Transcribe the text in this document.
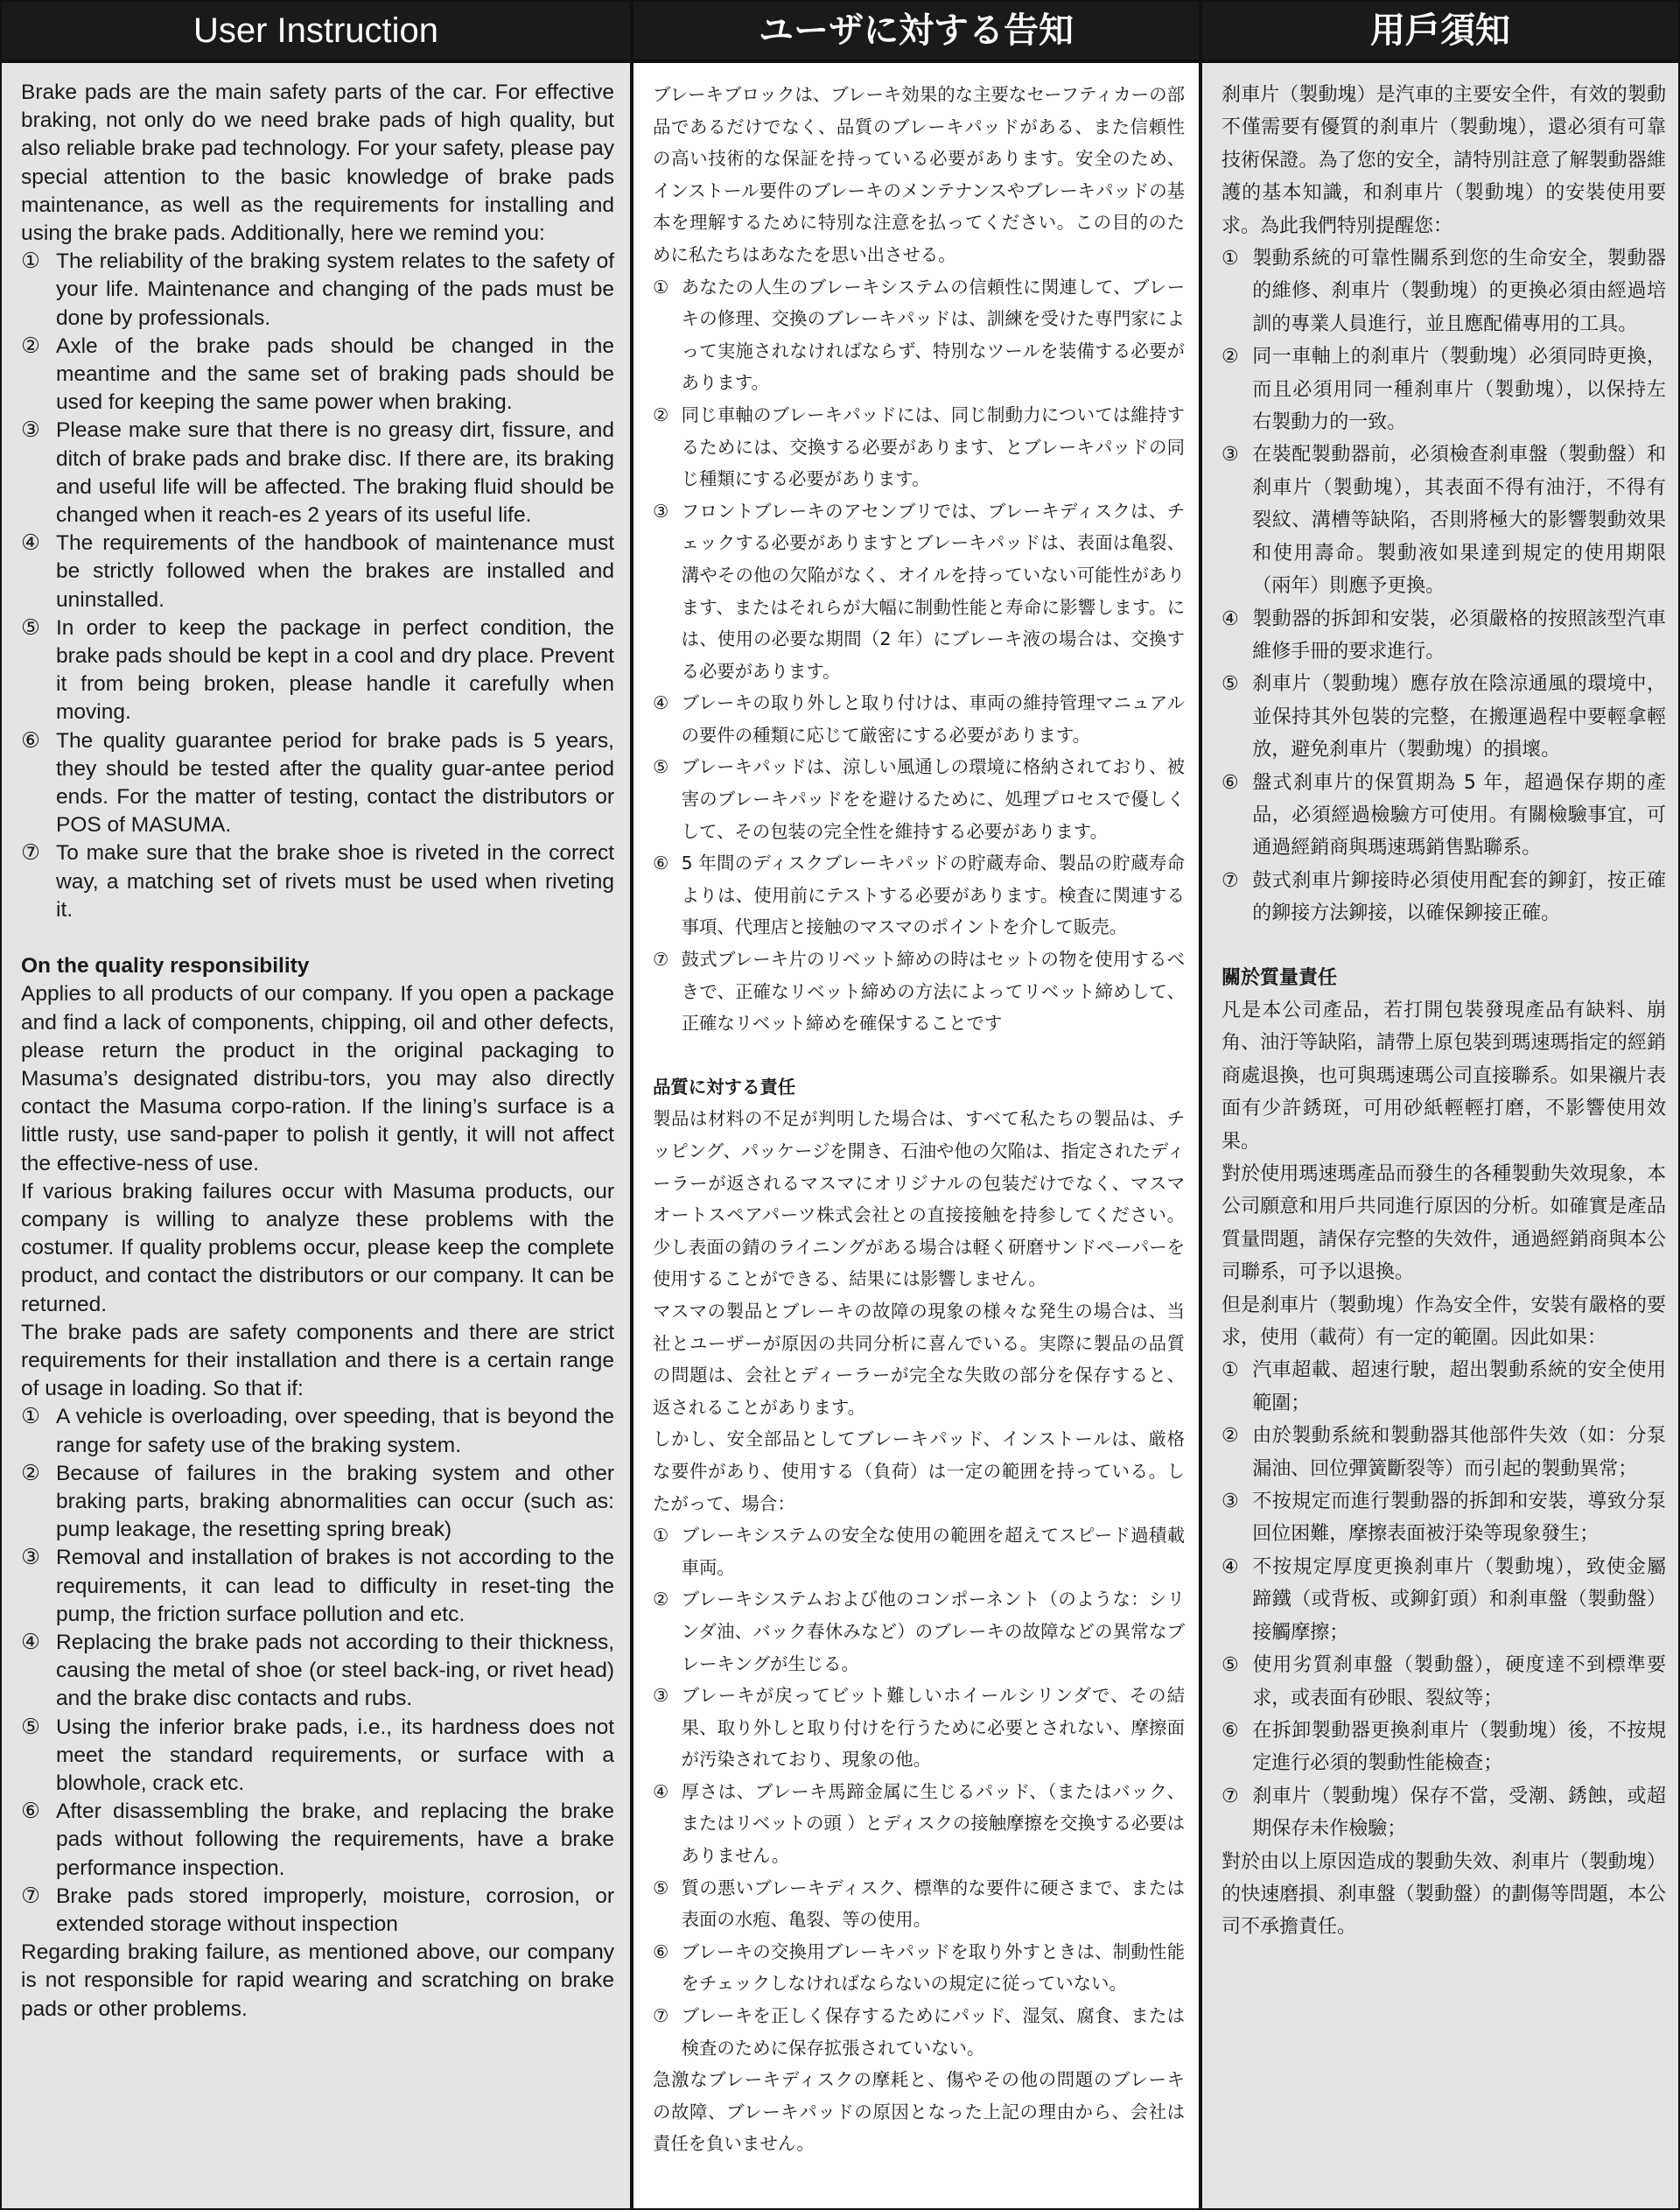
User Instruction

Brake pads are the main safety parts of the car. For effective braking, not only do we need brake pads of high quality, but also reliable brake pad technology. For your safety, please pay special attention to the basic knowledge of brake pads maintenance, as well as the requirements for installing and using the brake pads. Additionally, here we remind you:

① The reliability of the braking system relates to the safety of your life. Maintenance and changing of the pads must be done by professionals.
② Axle of the brake pads should be changed in the meantime and the same set of braking pads should be used for keeping the same power when braking.
③ Please make sure that there is no greasy dirt, fissure, and ditch of brake pads and brake disc. If there are, its braking and useful life will be affected. The braking fluid should be changed when it reach-es 2 years of its useful life.
④ The requirements of the handbook of maintenance must be strictly followed when the brakes are installed and uninstalled.
⑤ In order to keep the package in perfect condition, the brake pads should be kept in a cool and dry place. Prevent it from being broken, please handle it carefully when moving.
⑥ The quality guarantee period for brake pads is 5 years, they should be tested after the quality guar-antee period ends. For the matter of testing, contact the distributors or POS of MASUMA.
⑦ To make sure that the brake shoe is riveted in the correct way, a matching set of rivets must be used when riveting it.

On the quality responsibility

Applies to all products of our company. If you open a package and find a lack of components, chipping, oil and other defects, please return the product in the original packaging to Masuma’s designated distribu-tors, you may also directly contact the Masuma corpo-ration. If the lining’s surface is a little rusty, use sand-paper to polish it gently, it will not affect the effective-ness of use.

If various braking failures occur with Masuma products, our company is willing to analyze these problems with the costumer. If quality problems occur, please keep the complete product, and contact the distributors or our company. It can be returned.

The brake pads are safety components and there are strict requirements for their installation and there is a certain range of usage in loading. So that if:

① A vehicle is overloading, over speeding, that is beyond the range for safety use of the braking system.
② Because of failures in the braking system and other braking parts, braking abnormalities can occur (such as: pump leakage, the resetting spring break)
③ Removal and installation of brakes is not according to the requirements, it can lead to difficulty in reset-ting the pump, the friction surface pollution and etc.
④ Replacing the brake pads not according to their thickness, causing the metal of shoe (or steel back-ing, or rivet head) and the brake disc contacts and rubs.
⑤ Using the inferior brake pads, i.e., its hardness does not meet the standard requirements, or surface with a blowhole, crack etc.
⑥ After disassembling the brake, and replacing the brake pads without following the requirements, have a brake performance inspection.
⑦ Brake pads stored improperly, moisture, corrosion, or extended storage without inspection

Regarding braking failure, as mentioned above, our company is not responsible for rapid wearing and scratching on brake pads or other problems.

ユーザに対する告知

ブレーキブロックは、ブレーキ効果的な主要なセーフティカーの部品であるだけでなく、品質のブレーキパッドがある、また信頼性の高い技術的な保証を持っている必要があります。安全のため、インストール要件のブレーキのメンテナンスやブレーキパッドの基本を理解するために特別な注意を払ってください。この目的のために私たちはあなたを思い出させる。

① あなたの人生のブレーキシステムの信頼性に関連して、ブレーキの修理、交換のブレーキパッドは、訓練を受けた専門家によって実施されなければならず、特別なツールを装備する必要があります。
② 同じ車軸のブレーキパッドには、同じ制動力については維持するためには、交換する必要があります、とブレーキパッドの同じ種類にする必要があります。
③ フロントブレーキのアセンブリでは、ブレーキディスクは、チェックする必要がありますとブレーキパッドは、表面は亀裂、溝やその他の欠陥がなく、オイルを持っていない可能性があります、またはそれらが大幅に制動性能と寿命に影響します。には、使用の必要な期間（2 年）にブレーキ液の場合は、交換する必要があります。
④ ブレーキの取り外しと取り付けは、車両の維持管理マニュアルの要件の種類に応じて厳密にする必要があります。
⑤ ブレーキパッドは、涼しい風通しの環境に格納されており、被害のブレーキパッドをを避けるために、処理プロセスで優しくして、その包装の完全性を維持する必要があります。
⑥ 5 年間のディスクブレーキパッドの貯蔵寿命、製品の貯蔵寿命よりは、使用前にテストする必要があります。検査に関連する事項、代理店と接触のマスマのポイントを介して販売。
⑦ 鼓式ブレーキ片のリベット締めの時はセットの物を使用するべきで、正確なリベット締めの方法によってリベット締めして、正確なリベット締めを確保することです

品質に対する責任

製品は材料の不足が判明した場合は、すべて私たちの製品は、チッピング、パッケージを開き、石油や他の欠陥は、指定されたディーラーが返されるマスマにオリジナルの包装だけでなく、マスマオートスペアパーツ株式会社との直接接触を持参してください。少し表面の錆のライニングがある場合は軽く研磨サンドペーパーを使用することができる、結果には影響しません。

マスマの製品とブレーキの故障の現象の様々な発生の場合は、当社とユーザーが原因の共同分析に喜んでいる。実際に製品の品質の問題は、会社とディーラーが完全な失敗の部分を保存すると、返されることがあります。

しかし、安全部品としてブレーキパッド、インストールは、厳格な要件があり、使用する（負荷）は一定の範囲を持っている。したがって、場合：

① ブレーキシステムの安全な使用の範囲を超えてスピード過積載車両。
② ブレーキシステムおよび他のコンポーネント（のような：シリンダ油、バック春休みなど）のブレーキの故障などの異常なブレーキングが生じる。
③ ブレーキが戻ってビット難しいホイールシリンダで、その結果、取り外しと取り付けを行うために必要とされない、摩擦面が汚染されており、現象の他。
④ 厚さは、ブレーキ馬蹄金属に生じるパッド、（またはバック、またはリベットの頭 ）とディスクの接触摩擦を交換する必要はありません。
⑤ 質の悪いブレーキディスク、標準的な要件に硬さまで、または表面の水疱、亀裂、等の使用。
⑥ ブレーキの交換用ブレーキパッドを取り外すときは、制動性能をチェックしなければならないの規定に従っていない。
⑦ ブレーキを正しく保存するためにパッド、湿気、腐食、または検査のために保存拡張されていない。

急激なブレーキディスクの摩耗と、傷やその他の問題のブレーキの故障、ブレーキパッドの原因となった上記の理由から、会社は責任を負いません。

用戶須知

刹車片（製動塊）是汽車的主要安全件，有效的製動不僅需要有優質的刹車片（製動塊），還必須有可靠技術保證。為了您的安全，請特別註意了解製動器維護的基本知識，和刹車片（製動塊）的安裝使用要求。為此我們特別提醒您：

① 製動系統的可靠性關系到您的生命安全，製動器的維修、刹車片（製動塊）的更換必須由經過培訓的專業人員進行，並且應配備專用的工具。
② 同一車軸上的刹車片（製動塊）必須同時更換，而且必須用同一種刹車片（製動塊），以保持左右製動力的一致。
③ 在裝配製動器前，必須檢查刹車盤（製動盤）和刹車片（製動塊），其表面不得有油汙，不得有裂紋、溝槽等缺陷，否則將極大的影響製動效果和使用壽命。製動液如果達到規定的使用期限（兩年）則應予更換。
④ 製動器的拆卸和安裝，必須嚴格的按照該型汽車維修手冊的要求進行。
⑤ 刹車片（製動塊）應存放在陰涼通風的環境中，並保持其外包裝的完整，在搬運過程中要輕拿輕放，避免刹車片（製動塊）的損壞。
⑥ 盤式刹車片的保質期為 5 年，超過保存期的產品，必須經過檢驗方可使用。有關檢驗事宜，可通過經銷商與瑪速瑪銷售點聯系。
⑦ 鼓式刹車片鉚接時必須使用配套的鉚釘，按正確的鉚接方法鉚接，以確保鉚接正確。

關於質量責任

凡是本公司產品，若打開包裝發現產品有缺料、崩角、油汙等缺陷，請帶上原包裝到瑪速瑪指定的經銷商處退換，也可與瑪速瑪公司直接聯系。如果襯片表面有少許銹斑，可用砂紙輕輕打磨，不影響使用效果。

對於使用瑪速瑪產品而發生的各種製動失效現象，本公司願意和用戶共同進行原因的分析。如確實是產品質量問題，請保存完整的失效件，通過經銷商與本公司聯系，可予以退換。

但是刹車片（製動塊）作為安全件，安裝有嚴格的要求，使用（載荷）有一定的範圍。因此如果：

① 汽車超載、超速行駛，超出製動系統的安全使用範圍；
② 由於製動系統和製動器其他部件失效（如：分泵漏油、回位彈簧斷裂等）而引起的製動異常；
③ 不按規定而進行製動器的拆卸和安裝，導致分泵回位困難，摩擦表面被汙染等現象發生；
④ 不按規定厚度更換刹車片（製動塊），致使金屬蹄鐵（或背板、或鉚釘頭）和刹車盤（製動盤）接觸摩擦；
⑤ 使用劣質刹車盤（製動盤），硬度達不到標準要求，或表面有砂眼、裂紋等；
⑥ 在拆卸製動器更換刹車片（製動塊）後，不按規定進行必須的製動性能檢查；
⑦ 刹車片（製動塊）保存不當，受潮、銹蝕，或超期保存未作檢驗；

對於由以上原因造成的製動失效、刹車片（製動塊）的快速磨損、刹車盤（製動盤）的劃傷等問題，本公司不承擔責任。
